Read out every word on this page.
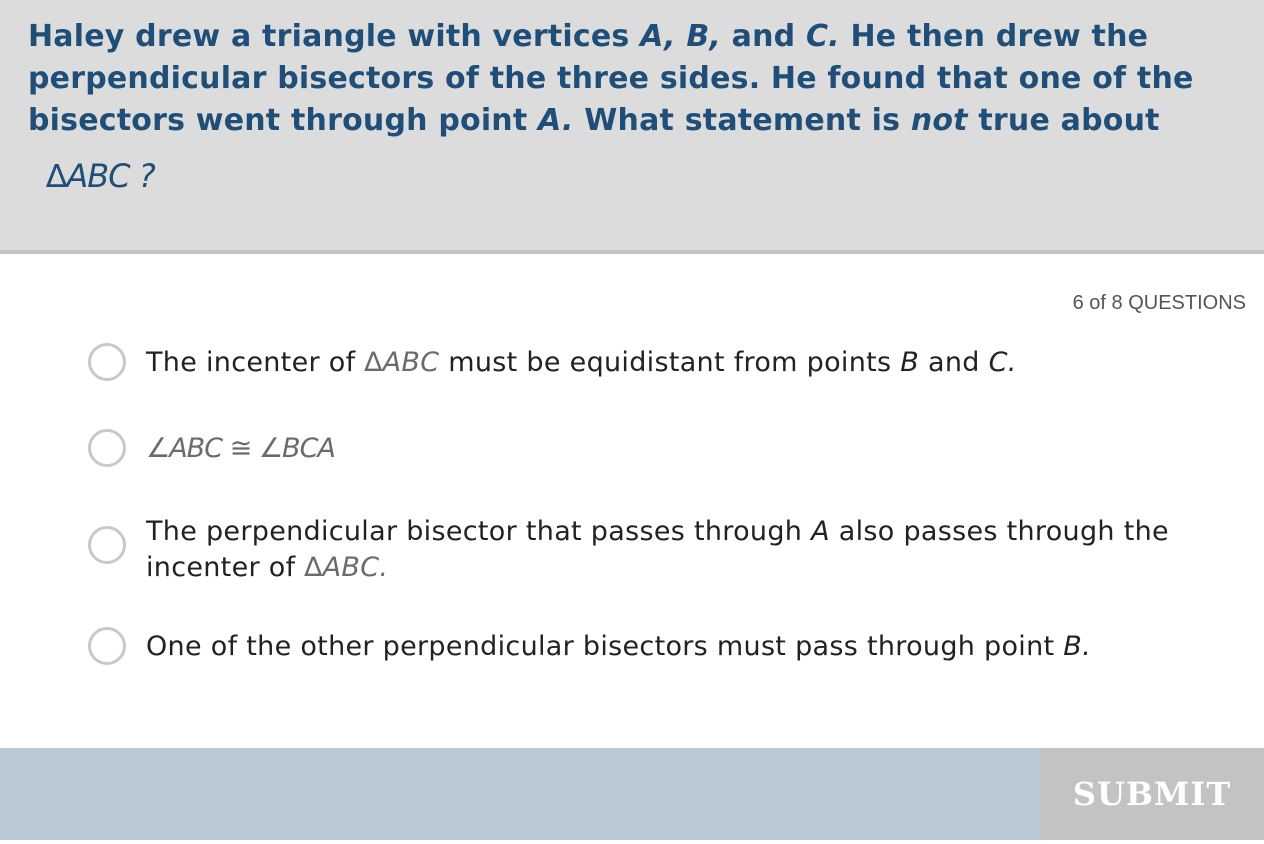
Haley drew a triangle with vertices A, B, and C. He then drew the
perpendicular bisectors of the three sides. He found that one of the
bisectors went through point A. What statement is not true about
∆ABC ?
6 of 8 QUESTIONS
The incenter of ∆ABC must be equidistant from points B and C.
∠ABC ≅ ∠BCA
The perpendicular bisector that passes through A also passes through the
incenter of ∆ABC.
One of the other perpendicular bisectors must pass through point B.
SUBMIT
